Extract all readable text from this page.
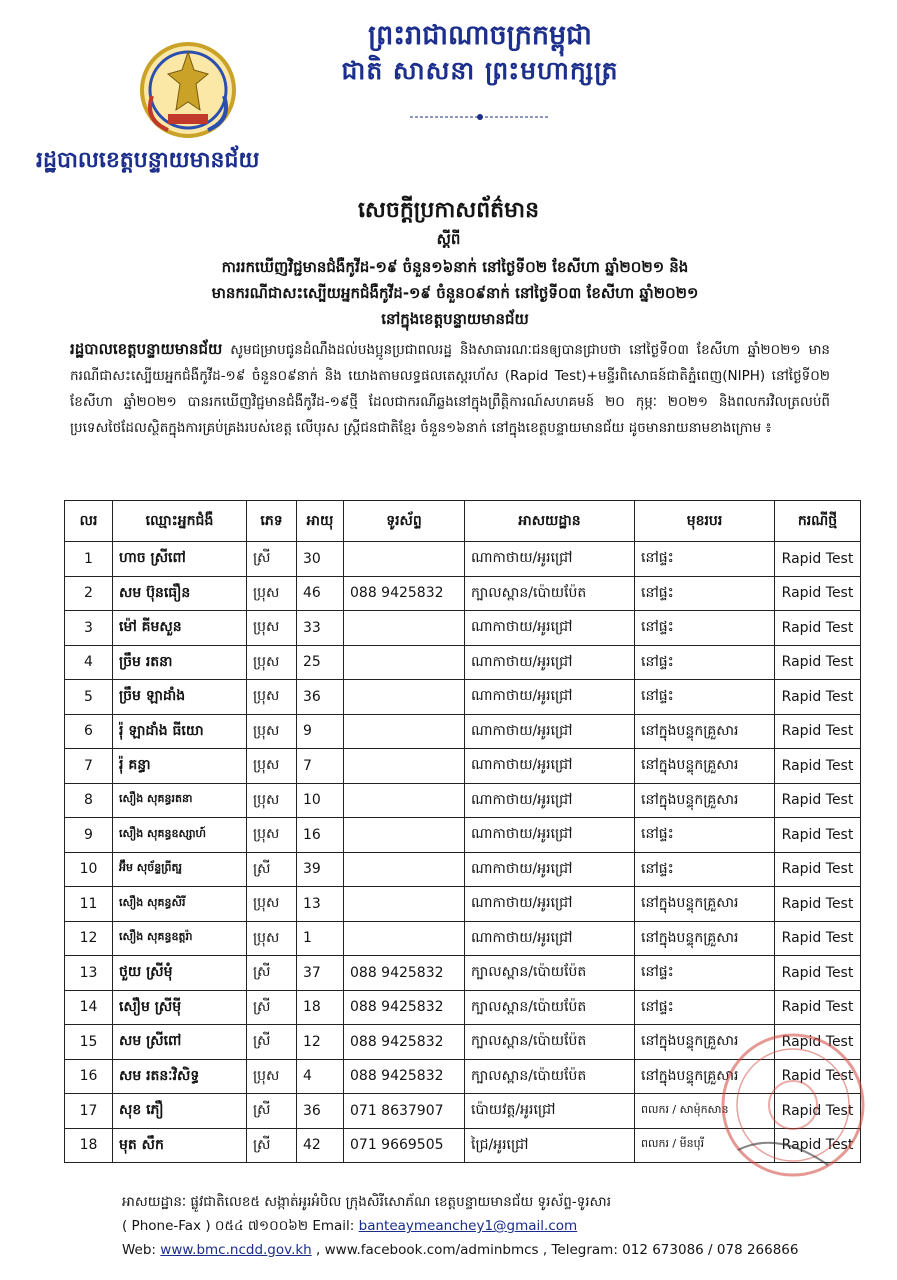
ព្រះរាជាណាចក្រកម្ពុជា
ជាតិ សាសនា ព្រះមហាក្សត្រ
រដ្ឋបាលខេត្តបន្ទាយមានជ័យ
សេចក្តីប្រកាសព័ត៌មាន
ស្តីពី
ការរកឃើញវិជ្ជមានជំងឺកូវីដ-១៩ ចំនួន១៦នាក់ នៅថ្ងៃទី០២ ខែសីហា ឆ្នាំ២០២១ និង
មានករណីជាសះស្បើយអ្នកជំងឺកូវីដ-១៩ ចំនួន០៩នាក់ នៅថ្ងៃទី០៣ ខែសីហា ឆ្នាំ២០២១
នៅក្នុងខេត្តបន្ទាយមានជ័យ
រដ្ឋបាលខេត្តបន្ទាយមានជ័យ សូមជម្រាបជូនដំណឹងដល់បងប្អូនប្រជាពលរដ្ឋ និងសាធារណៈជនឲ្យបានជ្រាបថា នៅថ្ងៃទី០៣ ខែសីហា ឆ្នាំ២០២១ មានករណីជាសះស្បើយអ្នកជំងឺកូវីដ-១៩ ចំនួន០៩នាក់ និង យោងតាមលទ្ធផលតេស្តរហ័ស (Rapid Test)+មន្ទីរពិសោធន៍ជាតិភ្នំពេញ(NIPH) នៅថ្ងៃទី០២ ខែសីហា ឆ្នាំ២០២១ បានរកឃើញវិជ្ជមានជំងឺកូវីដ-១៩ថ្មី ដែលជាករណីឆ្លងនៅក្នុងព្រឹត្តិការណ៍សហគមន៍ ២០ កុម្ភៈ ២០២១ និងពលករវិលត្រលប់ពីប្រទេសថៃដែលស្ថិតក្នុងការគ្រប់គ្រងរបស់ខេត្ត លើបុរស ស្ត្រីជនជាតិខ្មែរ ចំនួន១៦នាក់ នៅក្នុងខេត្តបន្ទាយមានជ័យ ដូចមានរាយនាមខាងក្រោម ៖
លរ	ឈ្មោះអ្នកជំងឺ	ភេទ	អាយុ	ទូរស័ព្ទ	អាសយដ្ឋាន	មុខរបរ	ករណីថ្មី
1	ហាច ស្រីពៅ	ស្រី	30		ណាកាថាយ/អូរជ្រៅ	នៅផ្ទះ	Rapid Test
2	សម ប៊ុនធឿន	ប្រុស	46	088 9425832	ក្បាលស្ពាន/ប៉ោយប៉ែត	នៅផ្ទះ	Rapid Test
3	ម៉ៅ គីមសួន	ប្រុស	33		ណាកាថាយ/អូរជ្រៅ	នៅផ្ទះ	Rapid Test
4	ច្រឹម រតនា	ប្រុស	25		ណាកាថាយ/អូរជ្រៅ	នៅផ្ទះ	Rapid Test
5	ច្រឹម ឡាដាំង	ប្រុស	36		ណាកាថាយ/អូរជ្រៅ	នៅផ្ទះ	Rapid Test
6	រ៉ុ ឡាដាំង ធីយោ	ប្រុស	9		ណាកាថាយ/អូរជ្រៅ	នៅក្នុងបន្ទុកគ្រួសារ	Rapid Test
7	រ៉ុ គន្ធា	ប្រុស	7		ណាកាថាយ/អូរជ្រៅ	នៅក្នុងបន្ទុកគ្រួសារ	Rapid Test
8	សឿង សុគន្ធរតនា	ប្រុស	10		ណាកាថាយ/អូរជ្រៅ	នៅក្នុងបន្ទុកគ្រួសារ	Rapid Test
9	សឿង សុគន្ធឧស្សាហ៍	ប្រុស	16		ណាកាថាយ/អូរជ្រៅ	នៅផ្ទះ	Rapid Test
10	អ៊ឹម សុច័ន្ទព្រីតរ្ន	ស្រី	39		ណាកាថាយ/អូរជ្រៅ	នៅផ្ទះ	Rapid Test
11	សឿង សុគន្ធសិរី	ប្រុស	13		ណាកាថាយ/អូរជ្រៅ	នៅក្នុងបន្ទុកគ្រួសារ	Rapid Test
12	សឿង សុគន្ធឧត្តរ៉ា	ប្រុស	1		ណាកាថាយ/អូរជ្រៅ	នៅក្នុងបន្ទុកគ្រួសារ	Rapid Test
13	ថួយ ស្រីមុំ	ស្រី	37	088 9425832	ក្បាលស្ពាន/ប៉ោយប៉ែត	នៅផ្ទះ	Rapid Test
14	សឿម ស្រីមុី	ស្រី	18	088 9425832	ក្បាលស្ពាន/ប៉ោយប៉ែត	នៅផ្ទះ	Rapid Test
15	សម ស្រីពៅ	ស្រី	12	088 9425832	ក្បាលស្ពាន/ប៉ោយប៉ែត	នៅក្នុងបន្ទុកគ្រួសារ	Rapid Test
16	សម រតនៈវិសិទ្ធ	ប្រុស	4	088 9425832	ក្បាលស្ពាន/ប៉ោយប៉ែត	នៅក្នុងបន្ទុកគ្រួសារ	Rapid Test
17	សុខ ភឿ	ស្រី	36	071 8637907	ប៉ោយវត្ត/អូរជ្រៅ	ពលករ / សាម៉ុកសាន	Rapid Test
18	មុត សឹក	ស្រី	42	071 9669505	ជ្រៃ/អូរជ្រៅ	ពលករ / មីនបុរី	Rapid Test
អាសយដ្ឋានៈ ផ្លូវជាតិលេខ៥ សង្កាត់អូរអំបិល ក្រុងសិរីសោភ័ណ ខេត្តបន្ទាយមានជ័យ ទូរស័ព្ទ-ទូរសារ
( Phone-Fax ) ០៥៤ ៧១០០៦២ Email: banteaymeanchey1@gmail.com
Web: www.bmc.ncdd.gov.kh , www.facebook.com/adminbmcs , Telegram: 012 673086 / 078 266866
